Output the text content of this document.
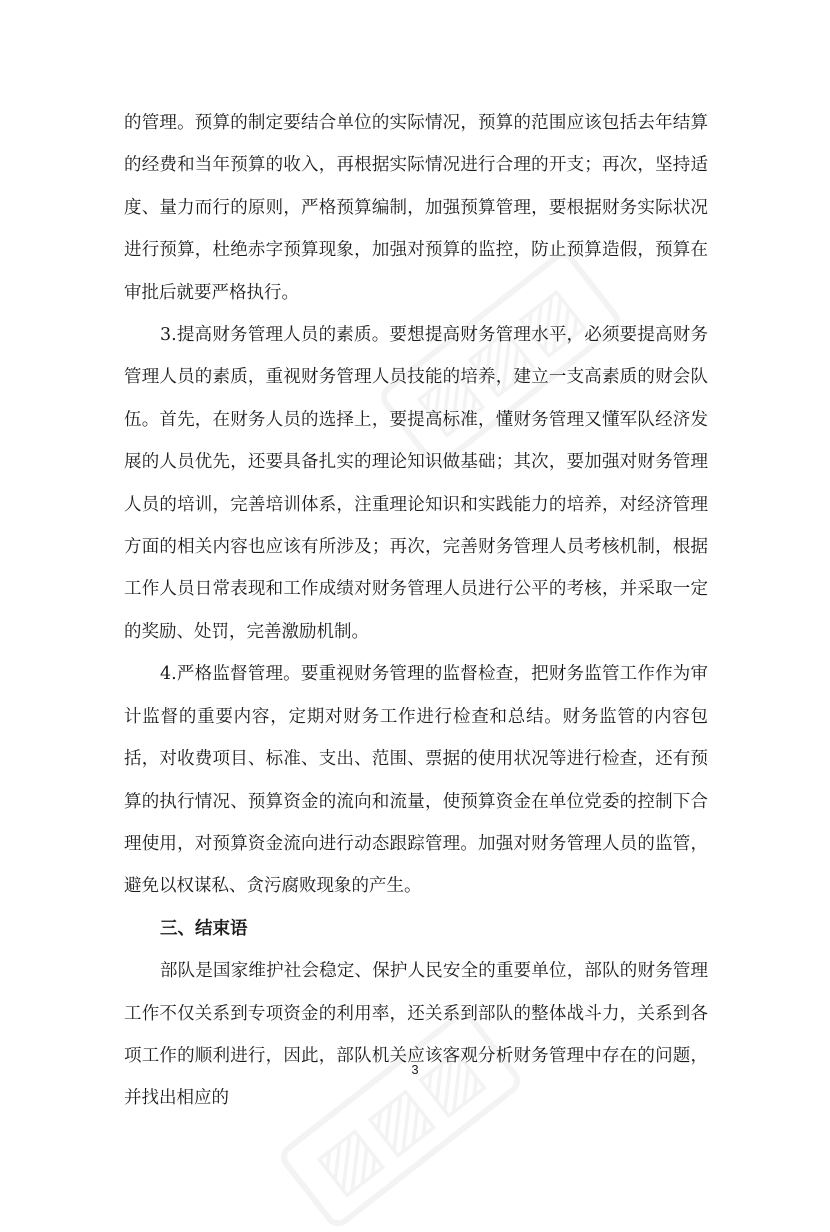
的管理。预算的制定要结合单位的实际情况，预算的范围应该包括去年结算的经费和当年预算的收入，再根据实际情况进行合理的开支；再次，坚持适度、量力而行的原则，严格预算编制，加强预算管理，要根据财务实际状况进行预算，杜绝赤字预算现象，加强对预算的监控，防止预算造假，预算在审批后就要严格执行。

3.提高财务管理人员的素质。要想提高财务管理水平，必须要提高财务管理人员的素质，重视财务管理人员技能的培养，建立一支高素质的财会队伍。首先，在财务人员的选择上，要提高标准，懂财务管理又懂军队经济发展的人员优先，还要具备扎实的理论知识做基础；其次，要加强对财务管理人员的培训，完善培训体系，注重理论知识和实践能力的培养，对经济管理方面的相关内容也应该有所涉及；再次，完善财务管理人员考核机制，根据工作人员日常表现和工作成绩对财务管理人员进行公平的考核，并采取一定的奖励、处罚，完善激励机制。

4.严格监督管理。要重视财务管理的监督检查，把财务监管工作作为审计监督的重要内容，定期对财务工作进行检查和总结。财务监管的内容包括，对收费项目、标准、支出、范围、票据的使用状况等进行检查，还有预算的执行情况、预算资金的流向和流量，使预算资金在单位党委的控制下合理使用，对预算资金流向进行动态跟踪管理。加强对财务管理人员的监管，避免以权谋私、贪污腐败现象的产生。

三、结束语

部队是国家维护社会稳定、保护人民安全的重要单位，部队的财务管理工作不仅关系到专项资金的利用率，还关系到部队的整体战斗力，关系到各项工作的顺利进行，因此，部队机关应该客观分析财务管理中存在的问题，并找出相应的

3
